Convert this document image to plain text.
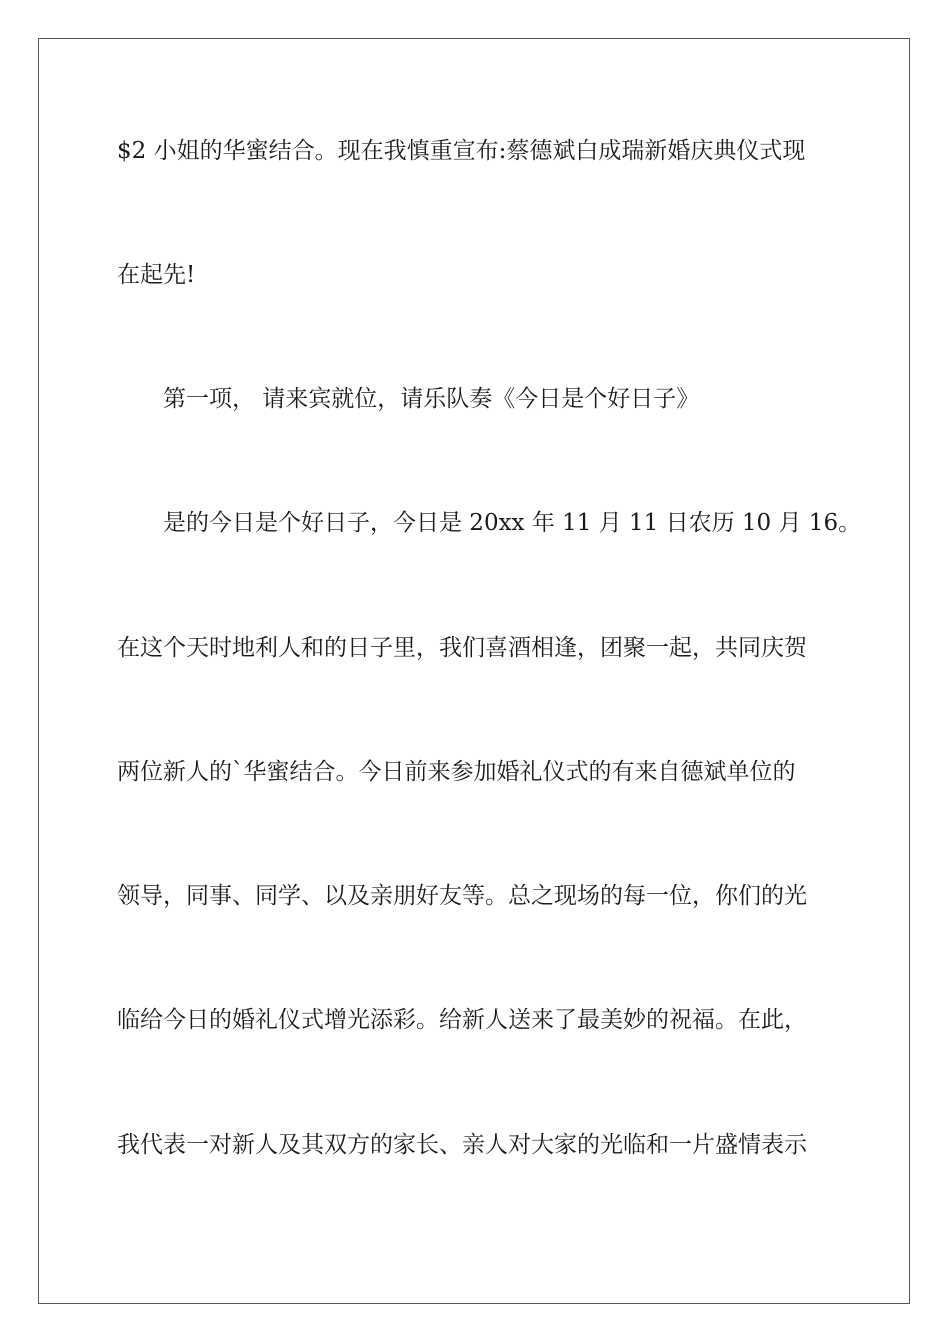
$2 小姐的华蜜结合。现在我慎重宣布:蔡德斌白成瑞新婚庆典仪式现

在起先!

第一项， 请来宾就位，请乐队奏《今日是个好日子》

是的今日是个好日子，今日是 20xx 年 11 月 11 日农历 10 月 16。

在这个天时地利人和的日子里，我们喜酒相逢，团聚一起，共同庆贺

两位新人的`华蜜结合。今日前来参加婚礼仪式的有来自德斌单位的

领导，同事、同学、以及亲朋好友等。总之现场的每一位，你们的光

临给今日的婚礼仪式增光添彩。给新人送来了最美妙的祝福。在此，

我代表一对新人及其双方的家长、亲人对大家的光临和一片盛情表示
